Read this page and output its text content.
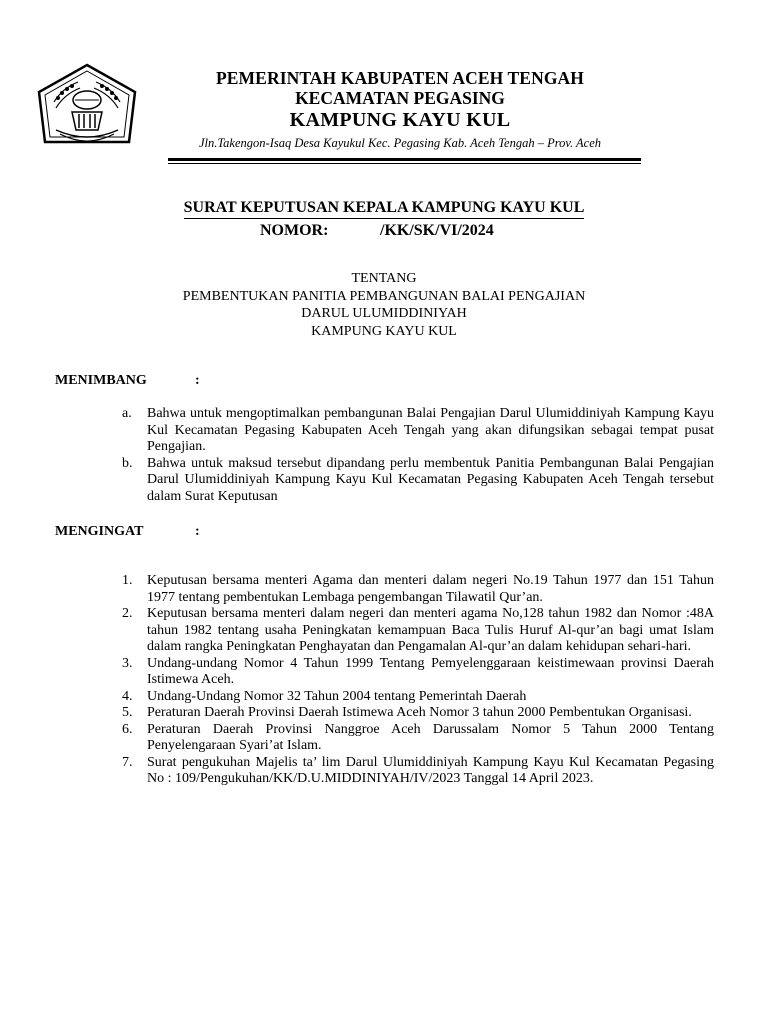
PEMERINTAH KABUPATEN ACEH TENGAH
KECAMATAN PEGASING
KAMPUNG KAYU KUL
Jln.Takengon-Isaq Desa Kayukul Kec. Pegasing Kab. Aceh Tengah – Prov. Aceh
SURAT KEPUTUSAN KEPALA KAMPUNG KAYU KUL
NOMOR:	/KK/SK/VI/2024
TENTANG
PEMBENTUKAN PANITIA PEMBANGUNAN BALAI PENGAJIAN
DARUL ULUMIDDINIYAH
KAMPUNG KAYU KUL
MENIMBANG	:
a. Bahwa untuk mengoptimalkan pembangunan Balai Pengajian Darul Ulumiddiniyah Kampung Kayu Kul Kecamatan Pegasing Kabupaten Aceh Tengah yang akan difungsikan sebagai tempat pusat Pengajian.
b. Bahwa untuk maksud tersebut dipandang perlu membentuk Panitia Pembangunan Balai Pengajian Darul Ulumiddiniyah Kampung Kayu Kul Kecamatan Pegasing Kabupaten Aceh Tengah tersebut dalam Surat Keputusan
MENGINGAT	:
1. Keputusan bersama menteri Agama dan menteri dalam negeri No.19 Tahun 1977 dan 151 Tahun 1977 tentang pembentukan Lembaga pengembangan Tilawatil Qur’an.
2. Keputusan bersama menteri dalam negeri dan menteri agama No,128 tahun 1982 dan Nomor :48A tahun 1982 tentang usaha Peningkatan kemampuan Baca Tulis Huruf Al-qur’an bagi umat Islam dalam rangka Peningkatan Penghayatan dan Pengamalan Al-qur’an dalam kehidupan sehari-hari.
3. Undang-undang Nomor 4 Tahun 1999 Tentang Pemyelenggaraan keistimewaan provinsi Daerah Istimewa Aceh.
4. Undang-Undang Nomor 32 Tahun 2004 tentang Pemerintah Daerah
5. Peraturan Daerah Provinsi Daerah Istimewa Aceh Nomor 3 tahun 2000 Pembentukan Organisasi.
6. Peraturan Daerah Provinsi Nanggroe Aceh Darussalam Nomor 5 Tahun 2000 Tentang Penyelengaraan Syari’at Islam.
7. Surat pengukuhan Majelis ta’ lim Darul Ulumiddiniyah Kampung Kayu Kul Kecamatan Pegasing No : 109/Pengukuhan/KK/D.U.MIDDINIYAH/IV/2023 Tanggal 14 April 2023.
